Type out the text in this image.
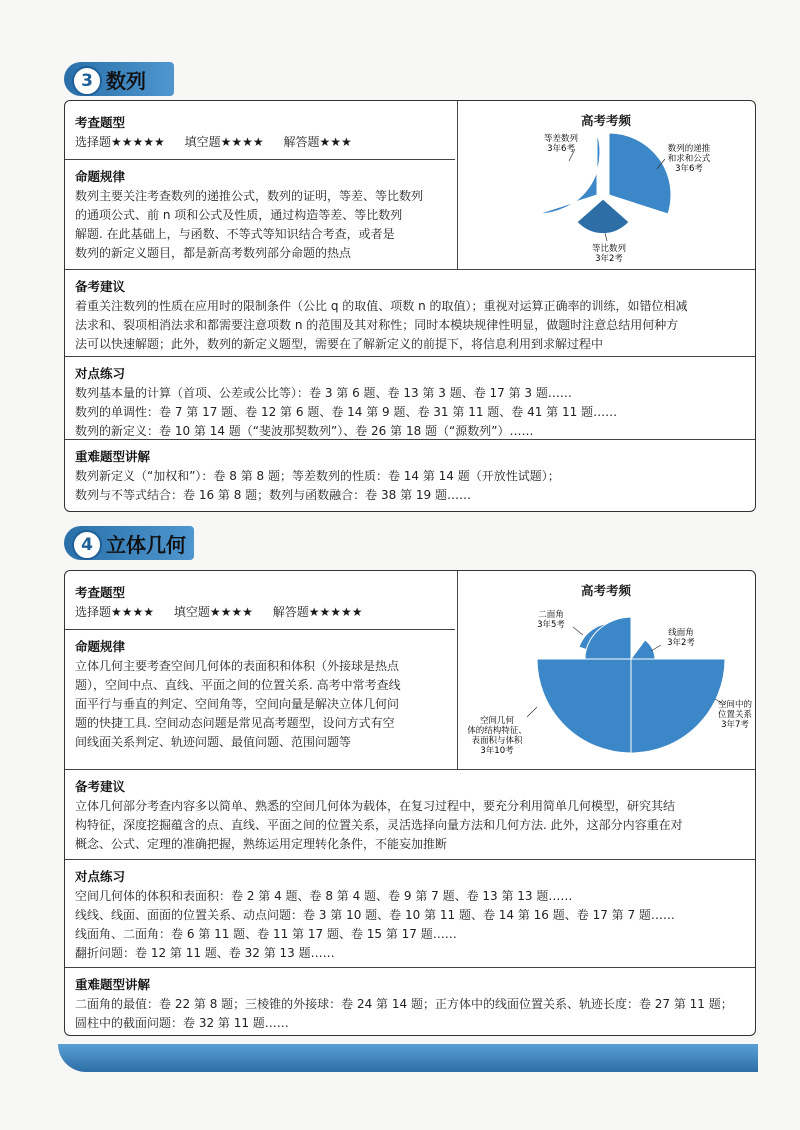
3 数列
考查题型
选择题★★★★★ 填空题★★★★ 解答题★★★
命题规律
数列主要关注考查数列的递推公式，数列的证明，等差、等比数列
的通项公式、前 n 项和公式及性质，通过构造等差、等比数列
解题. 在此基础上，与函数、不等式等知识结合考查，或者是
数列的新定义题目，都是新高考数列部分命题的热点
高考考频
等差数列
3年6考	数列的递推
和求和公式
3年6考
等比数列
3年2考
备考建议
着重关注数列的性质在应用时的限制条件（公比 q 的取值、项数 n 的取值）；重视对运算正确率的训练，如错位相减
法求和、裂项相消法求和都需要注意项数 n 的范围及其对称性；同时本模块规律性明显，做题时注意总结用何种方
法可以快速解题；此外，数列的新定义题型，需要在了解新定义的前提下，将信息利用到求解过程中
对点练习
数列基本量的计算（首项、公差或公比等）：卷 3 第 6 题、卷 13 第 3 题、卷 17 第 3 题……
数列的单调性：卷 7 第 17 题、卷 12 第 6 题、卷 14 第 9 题、卷 31 第 11 题、卷 41 第 11 题……
数列的新定义：卷 10 第 14 题（“斐波那契数列”）、卷 26 第 18 题（“源数列”）……
重难题型讲解
数列新定义（“加权和”）：卷 8 第 8 题；等差数列的性质：卷 14 第 14 题（开放性试题）；
数列与不等式结合：卷 16 第 8 题；数列与函数融合：卷 38 第 19 题……
4 立体几何
考查题型
选择题★★★★ 填空题★★★★ 解答题★★★★★
命题规律
立体几何主要考查空间几何体的表面积和体积（外接球是热点
题），空间中点、直线、平面之间的位置关系. 高考中常考查线
面平行与垂直的判定、空间角等，空间向量是解决立体几何问
题的快捷工具. 空间动态问题是常见高考题型，设问方式有空
间线面关系判定、轨迹问题、最值问题、范围问题等
高考考频
二面角
3年5考
线面角
3年2考
空间中的
位置关系
3年7考
空间几何
体的结构特征、
表面积与体积
3年10考
备考建议
立体几何部分考查内容多以简单、熟悉的空间几何体为载体，在复习过程中，要充分利用简单几何模型，研究其结
构特征，深度挖掘蕴含的点、直线、平面之间的位置关系，灵活选择向量方法和几何方法. 此外，这部分内容重在对
概念、公式、定理的准确把握，熟练运用定理转化条件，不能妄加推断
对点练习
空间几何体的体积和表面积：卷 2 第 4 题、卷 8 第 4 题、卷 9 第 7 题、卷 13 第 13 题……
线线、线面、面面的位置关系、动点问题：卷 3 第 10 题、卷 10 第 11 题、卷 14 第 16 题、卷 17 第 7 题……
线面角、二面角：卷 6 第 11 题、卷 11 第 17 题、卷 15 第 17 题……
翻折问题：卷 12 第 11 题、卷 32 第 13 题……
重难题型讲解
二面角的最值：卷 22 第 8 题；三棱锥的外接球：卷 24 第 14 题；正方体中的线面位置关系、轨迹长度：卷 27 第 11 题；
圆柱中的截面问题：卷 32 第 11 题……
